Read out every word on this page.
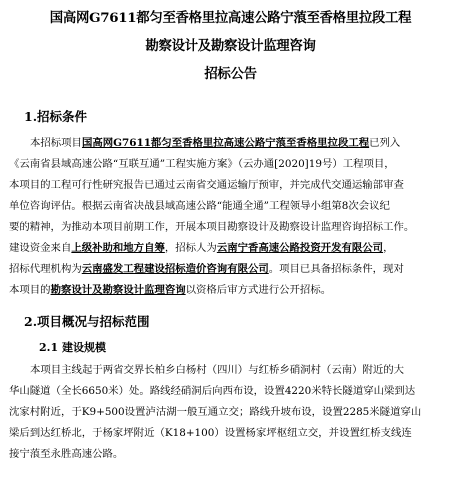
国高网G7611都匀至香格里拉高速公路宁蒗至香格里拉段工程

勘察设计及勘察设计监理咨询

招标公告

1.招标条件

本招标项目国高网G7611都匀至香格里拉高速公路宁蒗至香格里拉段工程已列入
《云南省县域高速公路“互联互通”工程实施方案》（云办通[2020]19号）工程项目，
本项目的工程可行性研究报告已通过云南省交通运输厅预审，并完成代交通运输部审查
单位咨询评估。根据云南省决战县域高速公路“能通全通”工程领导小组第8次会议纪
要的精神，为推动本项目前期工作，开展本项目勘察设计及勘察设计监理咨询招标工作。
建设资金来自上级补助和地方自筹，招标人为云南宁香高速公路投资开发有限公司，
招标代理机构为云南盛发工程建设招标造价咨询有限公司。项目已具备招标条件，现对
本项目的勘察设计及勘察设计监理咨询以资格后审方式进行公开招标。

2.项目概况与招标范围

2.1 建设规模

本项目主线起于两省交界长柏乡白杨村（四川）与红桥乡硝洞村（云南）附近的大
华山隧道（全长6650米）处。路线经硝洞后向西布设，设置4220米特长隧道穿山梁到达
沈家村附近，于K9+500设置泸沽湖一般互通立交；路线升坡布设，设置2285米隧道穿山
梁后到达红桥北，于杨家坪附近（K18+100）设置杨家坪枢纽立交，并设置红桥支线连
接宁蒗至永胜高速公路。
